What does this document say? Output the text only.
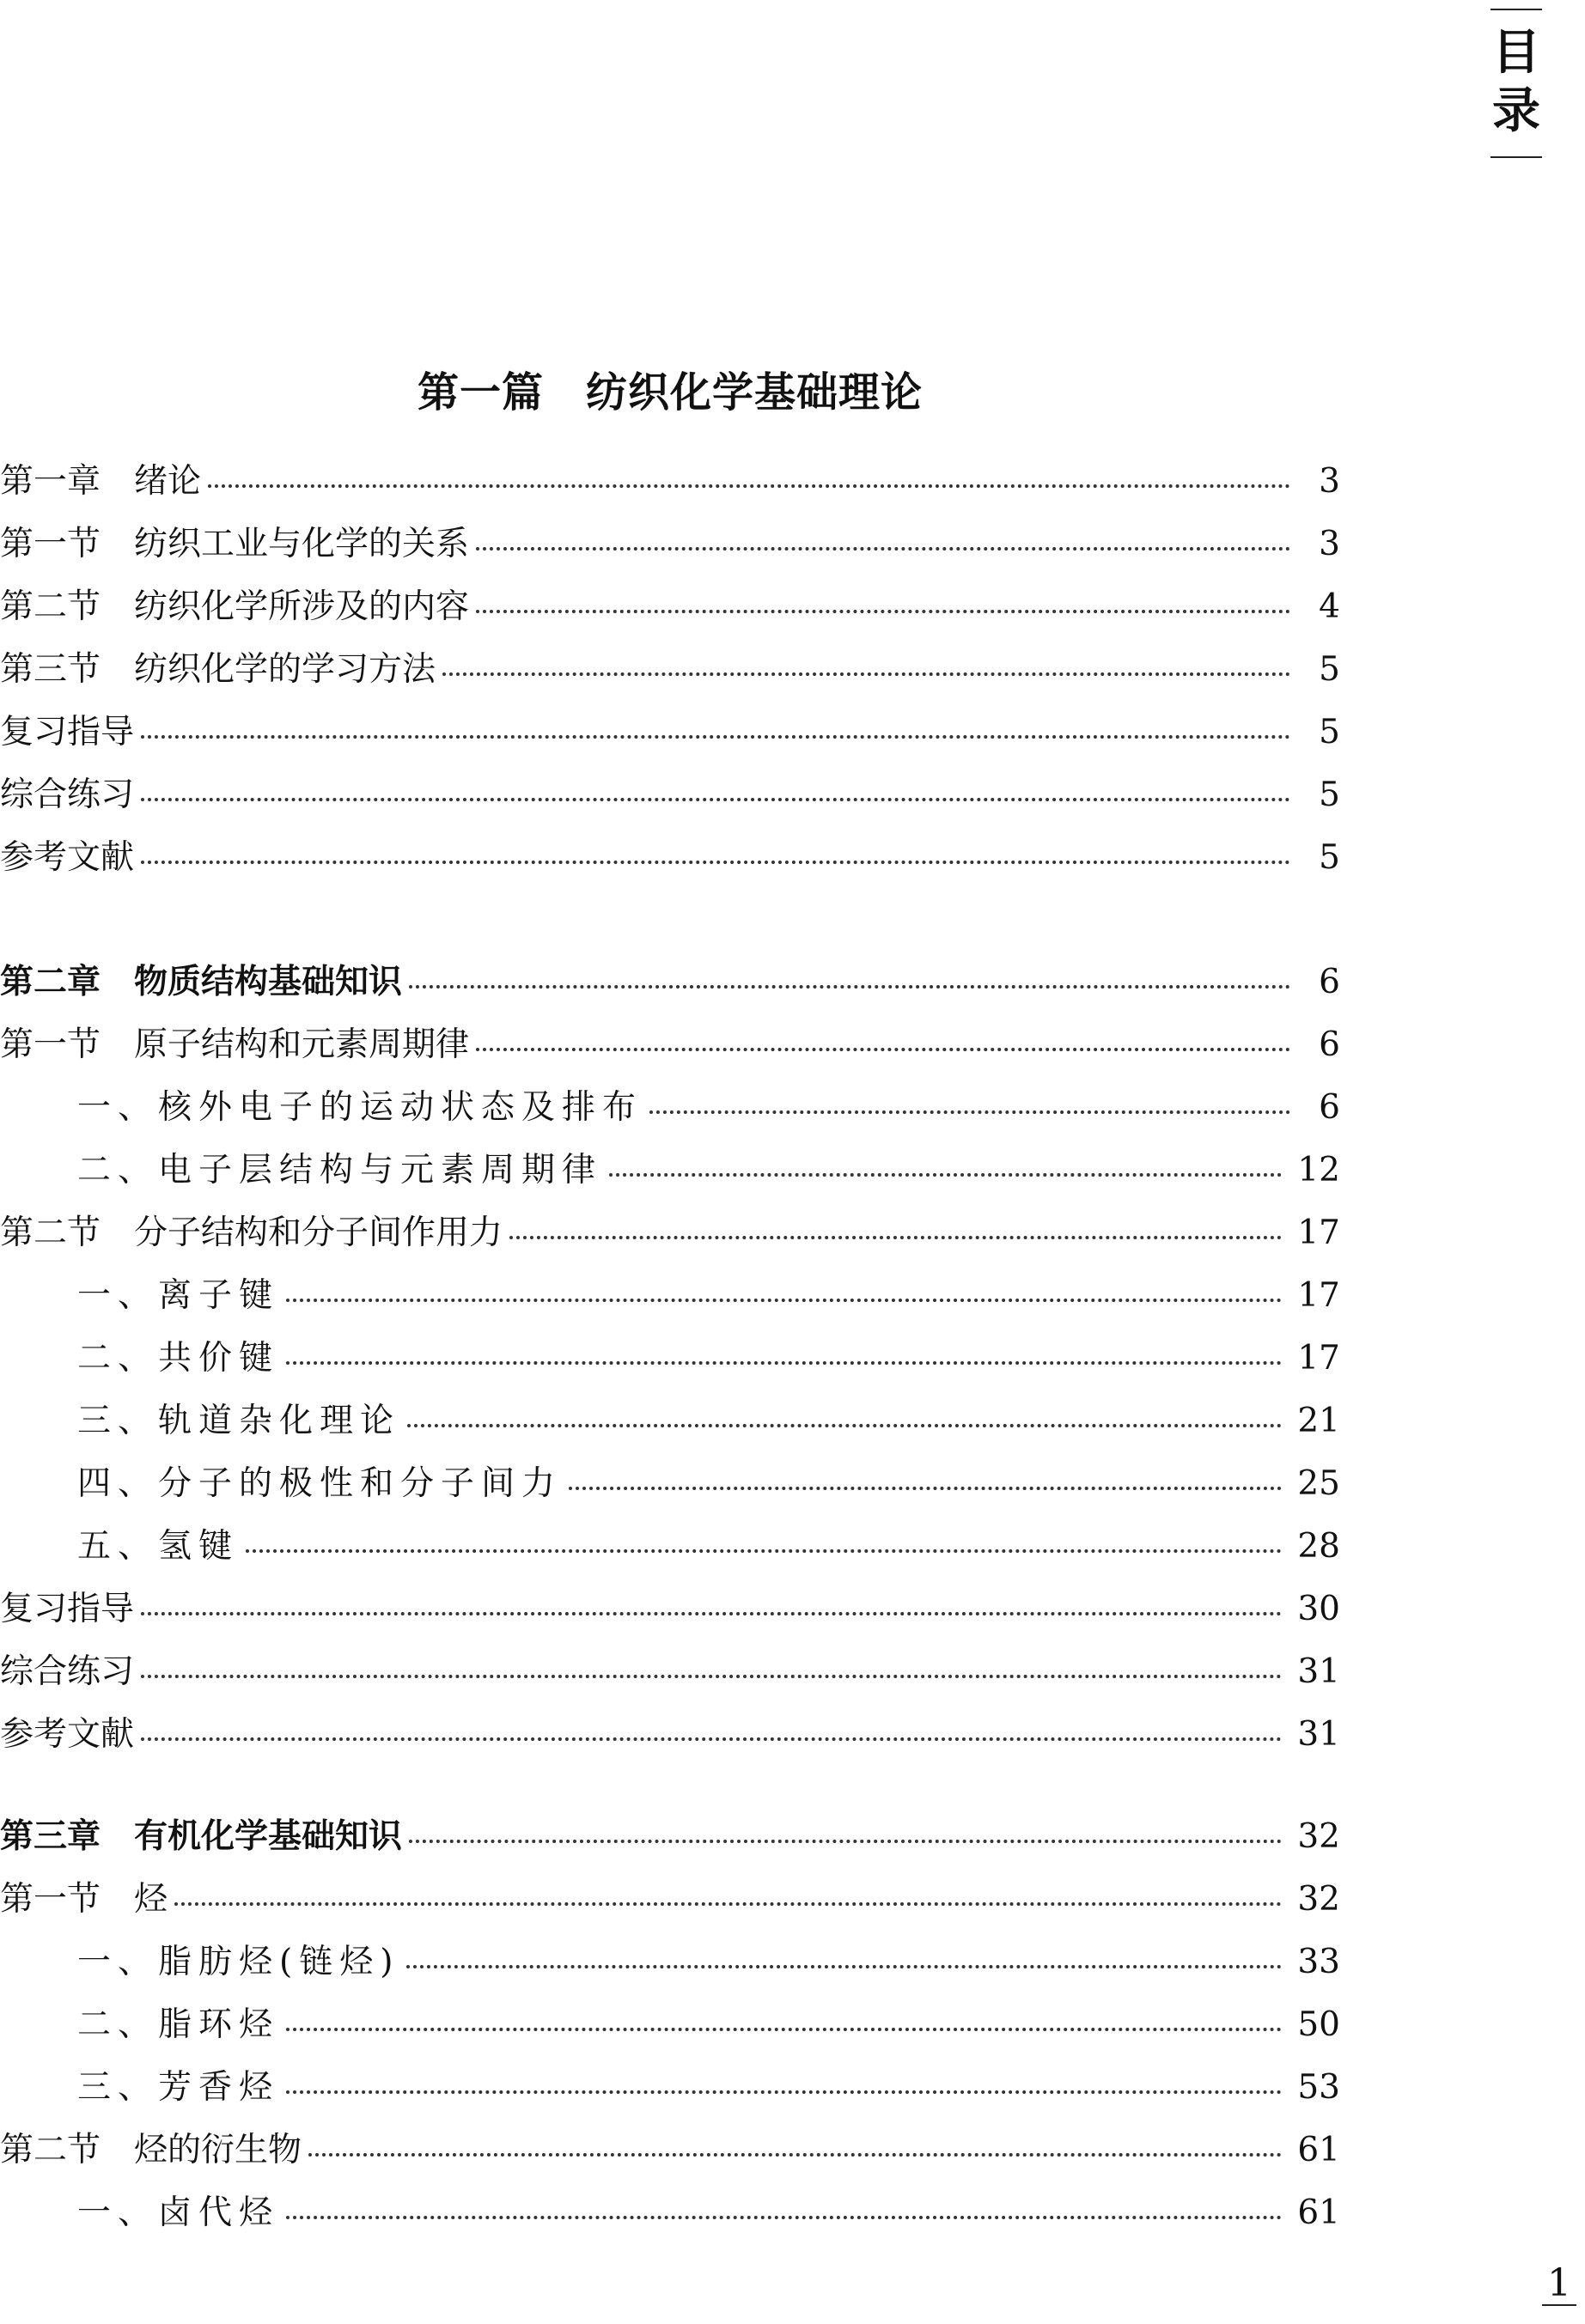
目
录
第一篇　纺织化学基础理论
第一章　绪论	3
第一节　纺织工业与化学的关系	3
第二节　纺织化学所涉及的内容	4
第三节　纺织化学的学习方法	5
复习指导	5
综合练习	5
参考文献	5
第二章　物质结构基础知识	6
第一节　原子结构和元素周期律	6
一、核外电子的运动状态及排布	6
二、电子层结构与元素周期律	12
第二节　分子结构和分子间作用力	17
一、离子键	17
二、共价键	17
三、轨道杂化理论	21
四、分子的极性和分子间力	25
五、氢键	28
复习指导	30
综合练习	31
参考文献	31
第三章　有机化学基础知识	32
第一节　烃	32
一、脂肪烃(链烃)	33
二、脂环烃	50
三、芳香烃	53
第二节　烃的衍生物	61
一、卤代烃	61
1
